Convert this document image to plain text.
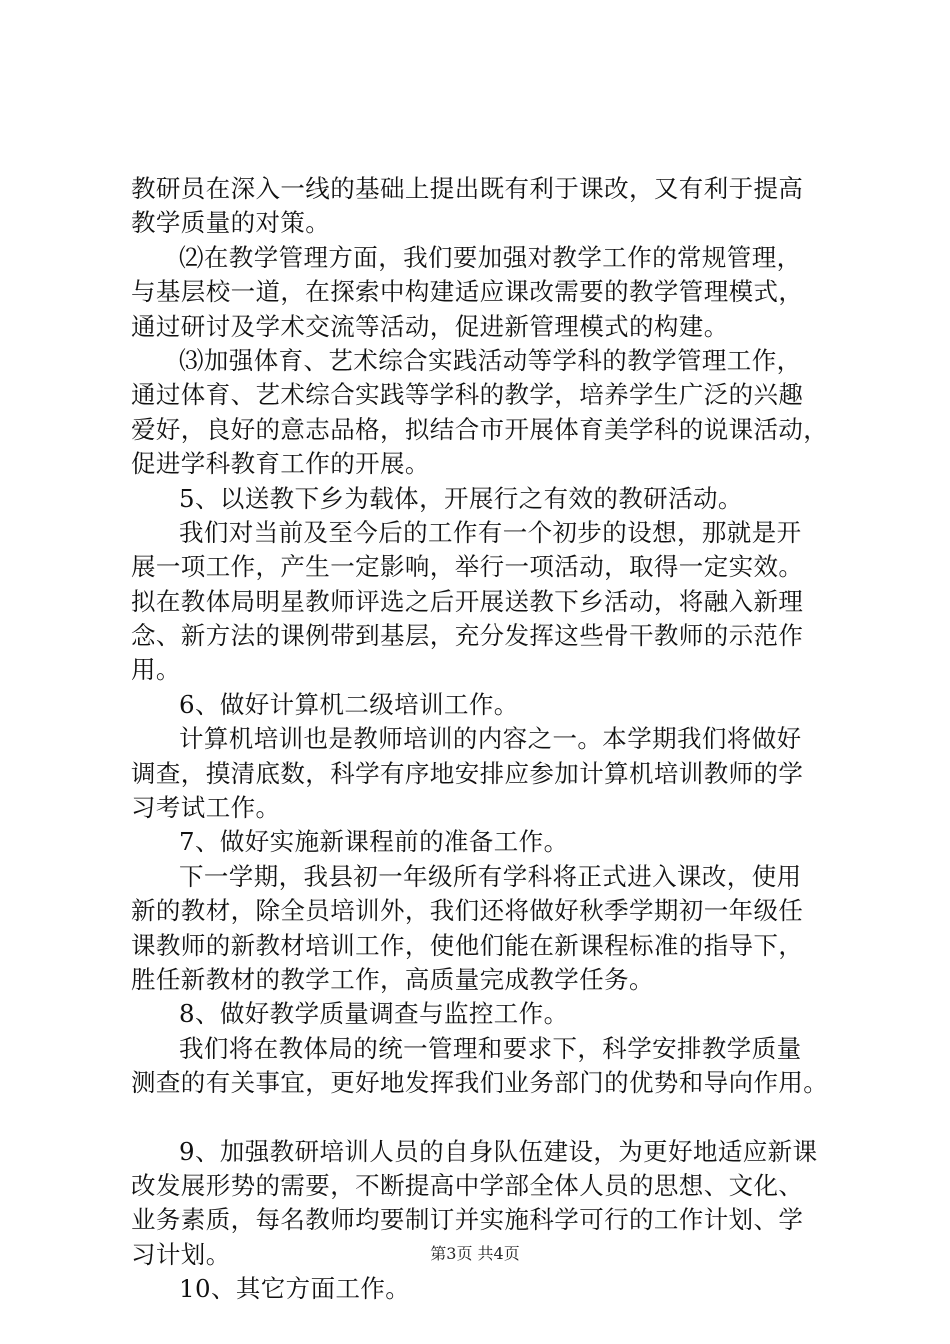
教研员在深入一线的基础上提出既有利于课改，又有利于提高
教学质量的对策。
⑵在教学管理方面，我们要加强对教学工作的常规管理，
与基层校一道，在探索中构建适应课改需要的教学管理模式，
通过研讨及学术交流等活动，促进新管理模式的构建。
⑶加强体育、艺术综合实践活动等学科的教学管理工作，
通过体育、艺术综合实践等学科的教学，培养学生广泛的兴趣
爱好，良好的意志品格，拟结合市开展体育美学科的说课活动，
促进学科教育工作的开展。
5、以送教下乡为载体，开展行之有效的教研活动。
我们对当前及至今后的工作有一个初步的设想，那就是开
展一项工作，产生一定影响，举行一项活动，取得一定实效。
拟在教体局明星教师评选之后开展送教下乡活动，将融入新理
念、新方法的课例带到基层，充分发挥这些骨干教师的示范作
用。
6、做好计算机二级培训工作。
计算机培训也是教师培训的内容之一。本学期我们将做好
调查，摸清底数，科学有序地安排应参加计算机培训教师的学
习考试工作。
7、做好实施新课程前的准备工作。
下一学期，我县初一年级所有学科将正式进入课改，使用
新的教材，除全员培训外，我们还将做好秋季学期初一年级任
课教师的新教材培训工作，使他们能在新课程标准的指导下，
胜任新教材的教学工作，高质量完成教学任务。
8、做好教学质量调查与监控工作。
我们将在教体局的统一管理和要求下，科学安排教学质量
测查的有关事宜，更好地发挥我们业务部门的优势和导向作用。
9、加强教研培训人员的自身队伍建设，为更好地适应新课
改发展形势的需要，不断提高中学部全体人员的思想、文化、
业务素质，每名教师均要制订并实施科学可行的工作计划、学
习计划。
10、其它方面工作。
第3页 共4页
